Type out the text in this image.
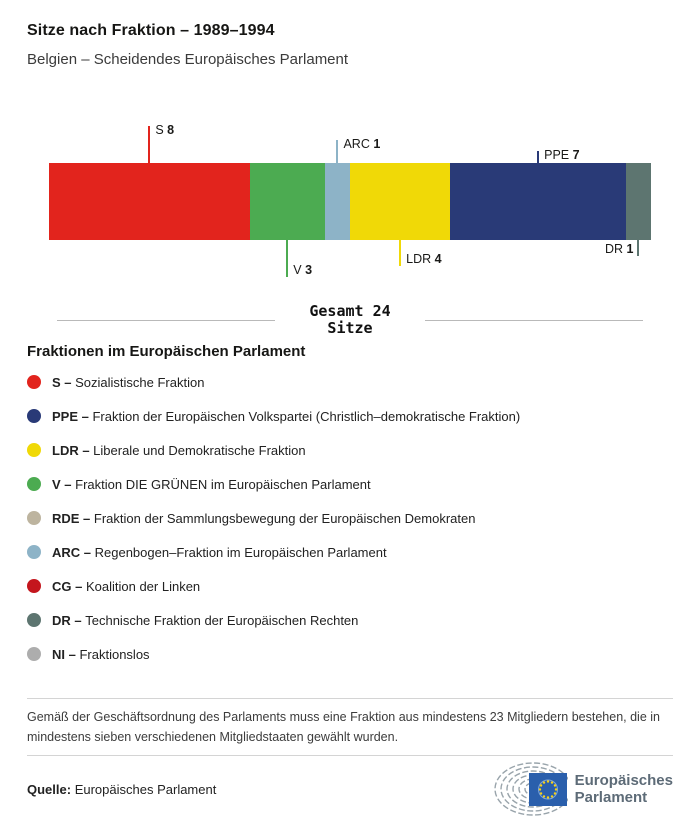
Sitze nach Fraktion – 1989–1994

Belgien – Scheidendes Europäisches Parlament

S 8
V 3
ARC 1
LDR 4
PPE 7
DR 1
Gesamt 24
Sitze
Fraktionen im Europäischen Parlament
S – Sozialistische Fraktion
PPE – Fraktion der Europäischen Volkspartei (Christlich–demokratische Fraktion)
LDR – Liberale und Demokratische Fraktion
V – Fraktion DIE GRÜNEN im Europäischen Parlament
RDE – Fraktion der Sammlungsbewegung der Europäischen Demokraten
ARC – Regenbogen–Fraktion im Europäischen Parlament
CG – Koalition der Linken
DR – Technische Fraktion der Europäischen Rechten
NI – Fraktionslos

Gemäß der Geschäftsordnung des Parlaments muss eine Fraktion aus mindestens 23 Mitgliedern bestehen, die in mindestens sieben verschiedenen Mitgliedstaaten gewählt wurden.

Quelle: Europäisches Parlament	Europäisches
Parlament
